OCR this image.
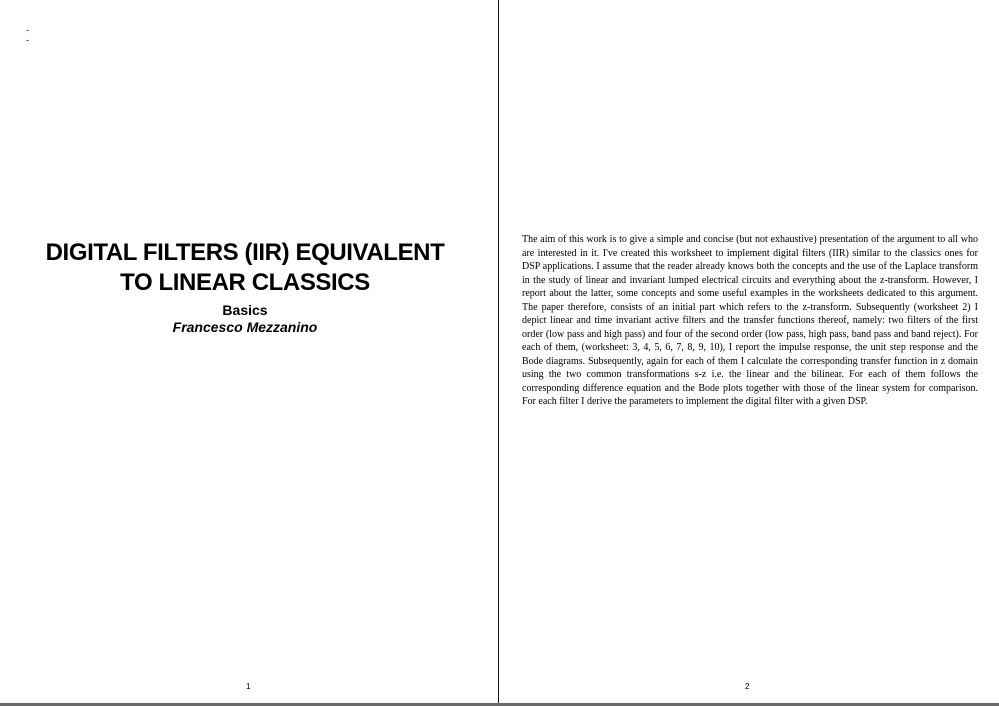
-
-
DIGITAL FILTERS (IIR) EQUIVALENT
TO LINEAR CLASSICS
Basics
Francesco Mezzanino
1

The aim of this work is to give a simple and concise (but not exhaustive) presentation of the argument to all who are interested in it. I've created this worksheet to implement digital filters (IIR) similar to the classics ones for DSP applications. I assume that the reader already knows both the concepts and the use of the Laplace transform in the study of linear and invariant lumped electrical circuits and everything about the z-transform. However, I report about the latter, some concepts and some useful examples in the worksheets dedicated to this argument. The paper therefore, consists of an initial part which refers to the z-transform. Subsequently (worksheet 2) I depict linear and time invariant active filters and the transfer functions thereof, namely: two filters of the first order (low pass and high pass) and four of the second order (low pass, high pass, band pass and band reject). For each of them, (worksheet: 3, 4, 5, 6, 7, 8, 9, 10), I report the impulse response, the unit step response and the Bode diagrams. Subsequently, again for each of them I calculate the corresponding transfer function in z domain using the two common transformations s-z i.e. the linear and the bilinear. For each of them follows the corresponding difference equation and the Bode plots together with those of the linear system for comparison. For each filter I derive the parameters to implement the digital filter with a given DSP.

2
